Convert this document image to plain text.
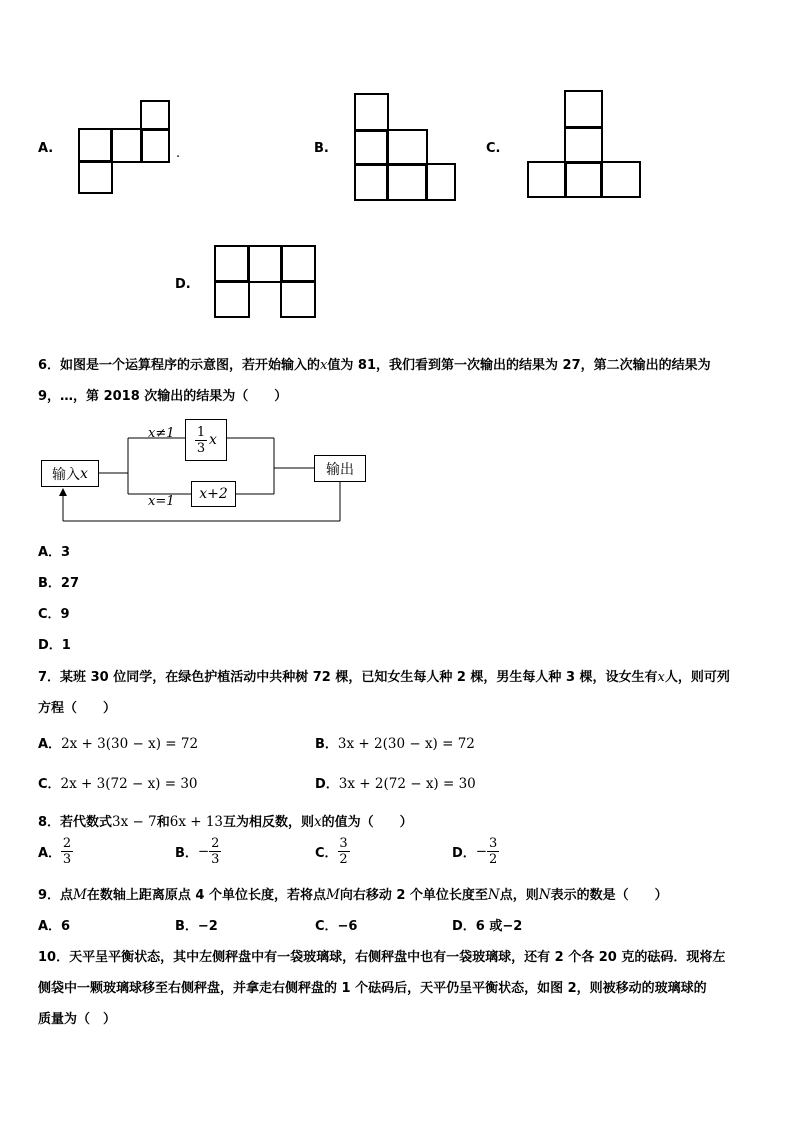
A.	.	B.	C.
D.
6．如图是一个运算程序的示意图，若开始输入的x值为 81，我们看到第一次输出的结果为 27，第二次输出的结果为
9，…，第 2018 次输出的结果为（　　）
输入 x
$\frac{1}{3}$ x
x+2
输出
x≠1
x=1
A．3
B．27
C．9
D．1
7．某班 30 位同学，在绿色护植活动中共种树 72 棵，已知女生每人种 2 棵，男生每人种 3 棵，设女生有x人，则可列
方程（　　）
A．2x + 3(30 − x) = 72	B．3x + 2(30 − x) = 72
C．2x + 3(72 − x) = 30	D．3x + 2(72 − x) = 30
8．若代数式3x − 7和6x + 13互为相反数，则x的值为（　　）
A． $\frac{2}{3}$	B．− $\frac{2}{3}$	C． $\frac{3}{2}$	D．− $\frac{3}{2}$
9．点M在数轴上距离原点 4 个单位长度，若将点M向右移动 2 个单位长度至N点，则N表示的数是（　　）
A．6	B．−2	C．−6	D．6 或−2
10．天平呈平衡状态，其中左侧秤盘中有一袋玻璃球，右侧秤盘中也有一袋玻璃球，还有 2 个各 20 克的砝码．现将左
侧袋中一颗玻璃球移至右侧秤盘，并拿走右侧秤盘的 1 个砝码后，天平仍呈平衡状态，如图 2，则被移动的玻璃球的
质量为（　）
